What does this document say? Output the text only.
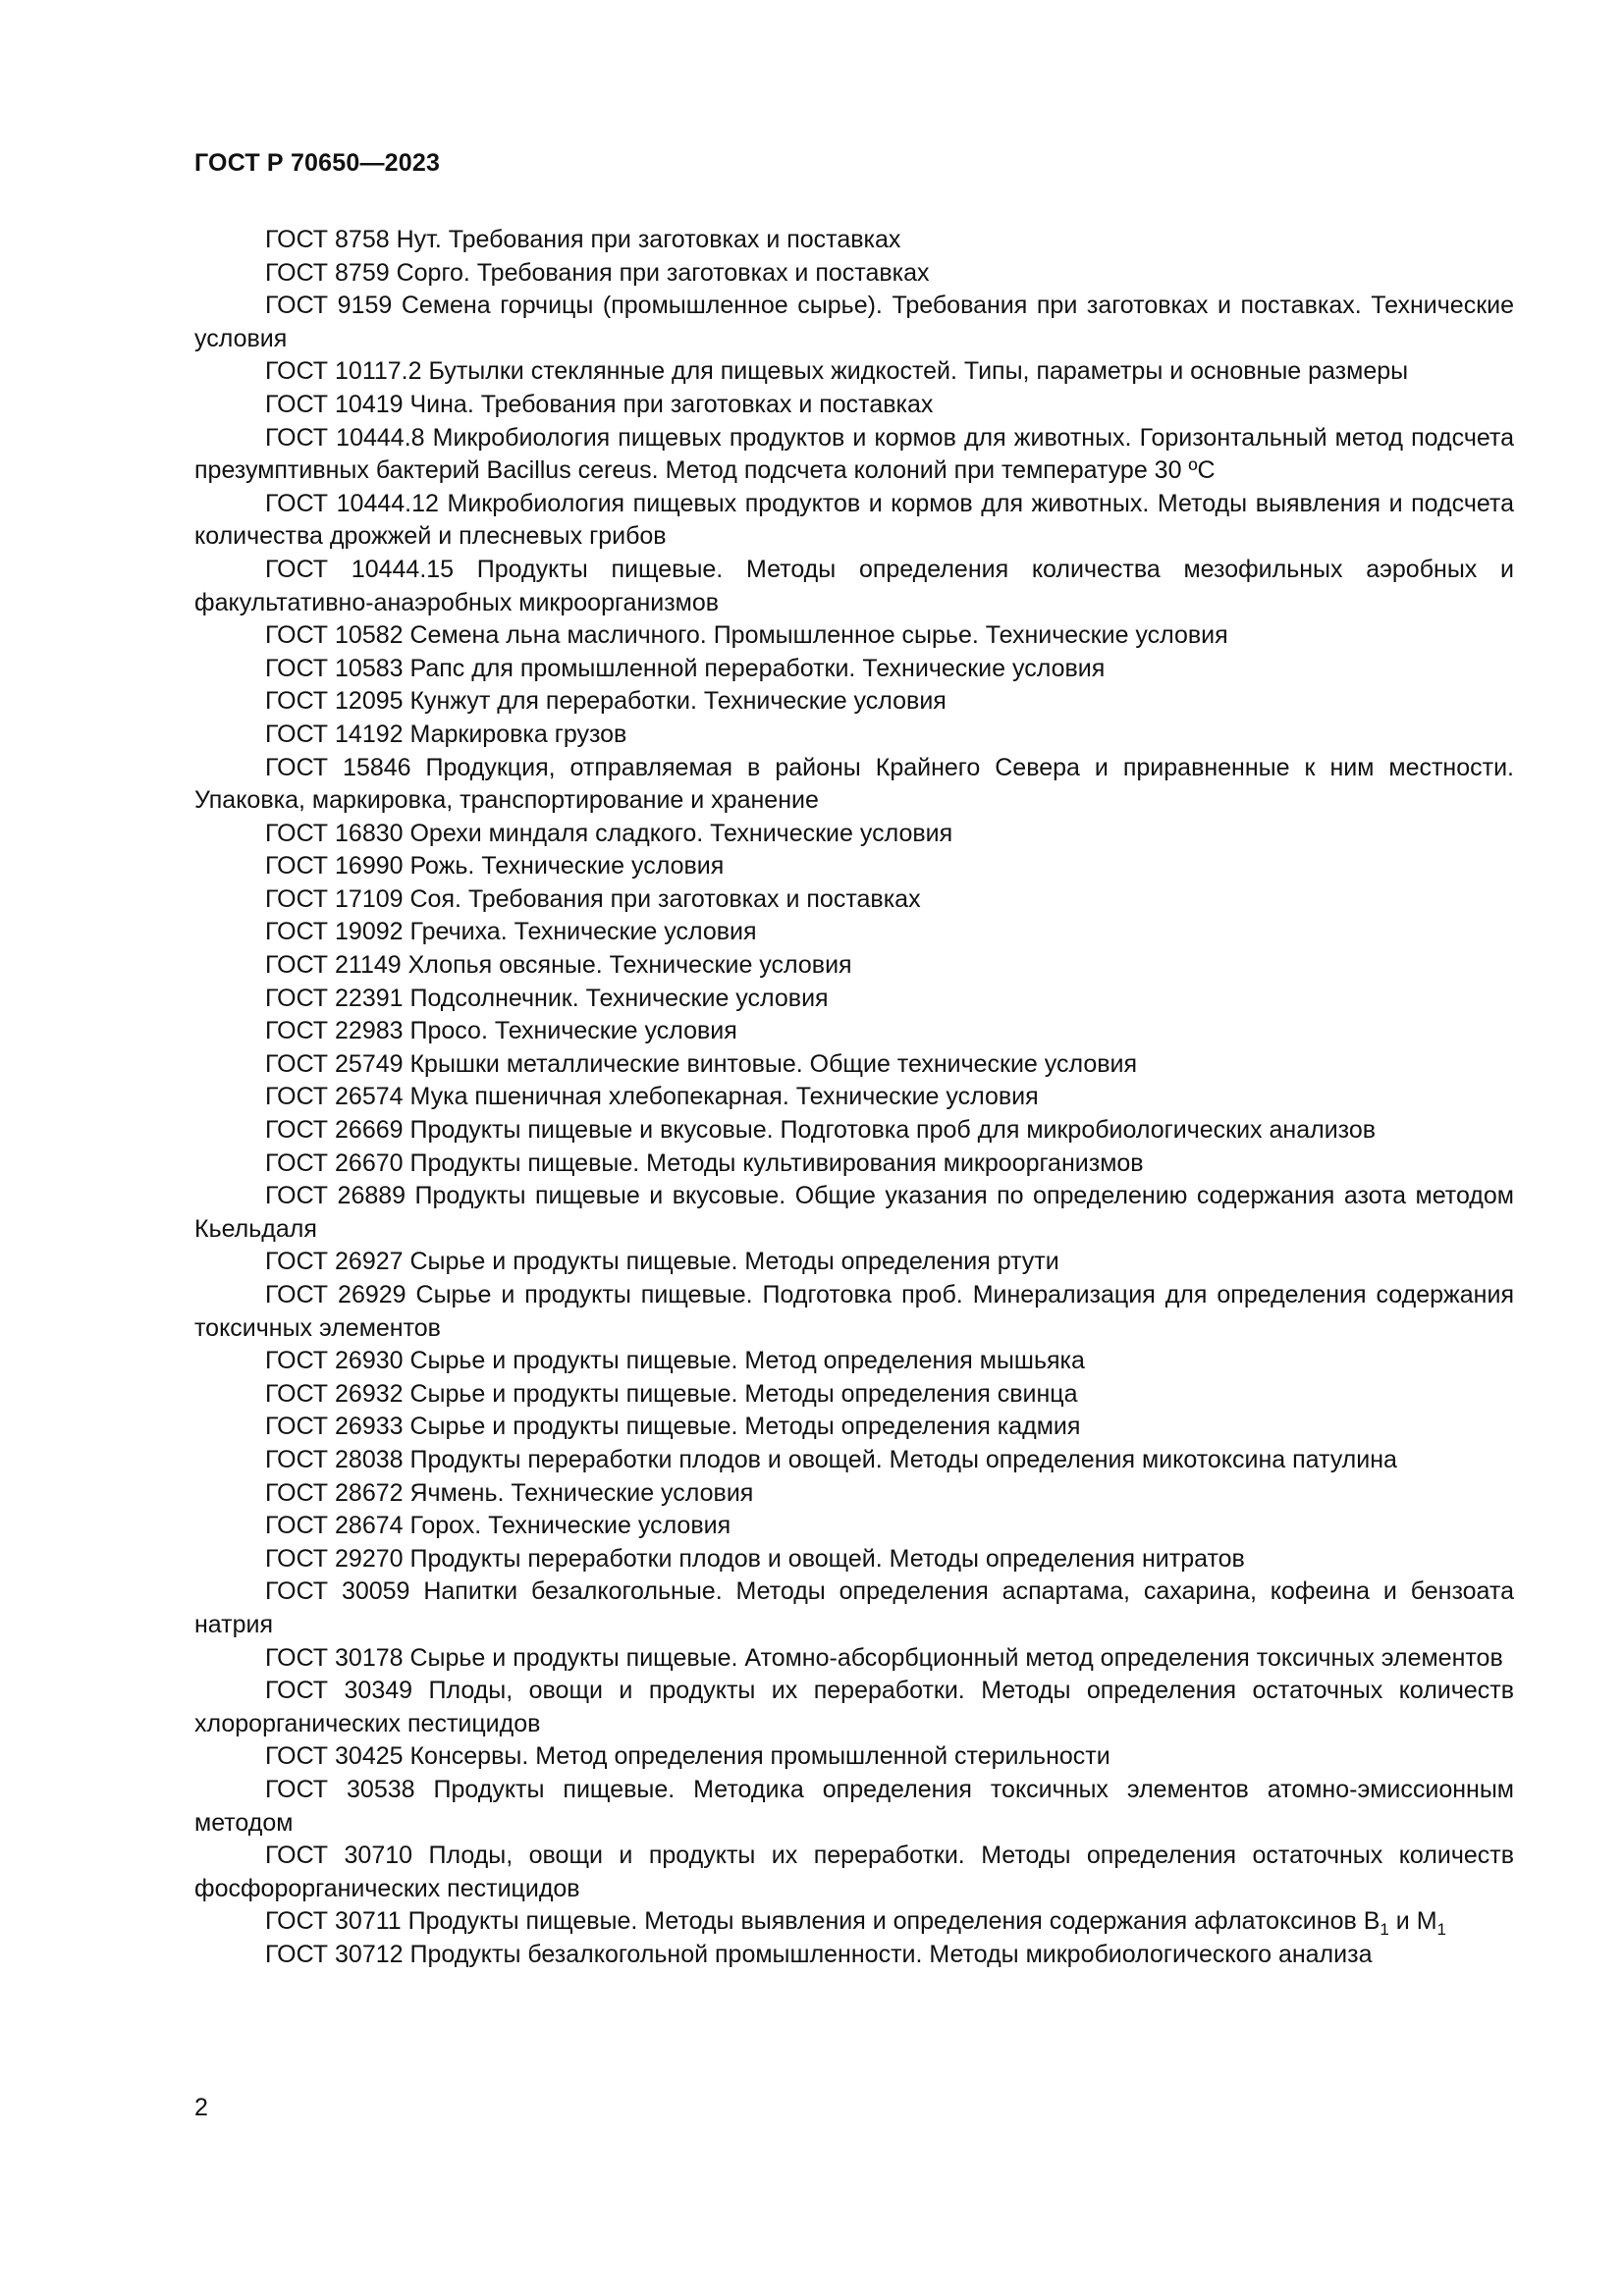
ГОСТ Р 70650—2023

ГОСТ 8758 Нут. Требования при заготовках и поставках

ГОСТ 8759 Сорго. Требования при заготовках и поставках

ГОСТ 9159 Семена горчицы (промышленное сырье). Требования при заготовках и поставках. Технические условия

ГОСТ 10117.2 Бутылки стеклянные для пищевых жидкостей. Типы, параметры и основные размеры

ГОСТ 10419 Чина. Требования при заготовках и поставках

ГОСТ 10444.8 Микробиология пищевых продуктов и кормов для животных. Горизонтальный метод подсчета презумптивных бактерий Bacillus cereus. Метод подсчета колоний при температуре 30 ºC

ГОСТ 10444.12 Микробиология пищевых продуктов и кормов для животных. Методы выявления и подсчета количества дрожжей и плесневых грибов

ГОСТ 10444.15 Продукты пищевые. Методы определения количества мезофильных аэробных и факультативно-анаэробных микроорганизмов

ГОСТ 10582 Семена льна масличного. Промышленное сырье. Технические условия

ГОСТ 10583 Рапс для промышленной переработки. Технические условия

ГОСТ 12095 Кунжут для переработки. Технические условия

ГОСТ 14192 Маркировка грузов

ГОСТ 15846 Продукция, отправляемая в районы Крайнего Севера и приравненные к ним местности. Упаковка, маркировка, транспортирование и хранение

ГОСТ 16830 Орехи миндаля сладкого. Технические условия

ГОСТ 16990 Рожь. Технические условия

ГОСТ 17109 Соя. Требования при заготовках и поставках

ГОСТ 19092 Гречиха. Технические условия

ГОСТ 21149 Хлопья овсяные. Технические условия

ГОСТ 22391 Подсолнечник. Технические условия

ГОСТ 22983 Просо. Технические условия

ГОСТ 25749 Крышки металлические винтовые. Общие технические условия

ГОСТ 26574 Мука пшеничная хлебопекарная. Технические условия

ГОСТ 26669 Продукты пищевые и вкусовые. Подготовка проб для микробиологических анализов

ГОСТ 26670 Продукты пищевые. Методы культивирования микроорганизмов

ГОСТ 26889 Продукты пищевые и вкусовые. Общие указания по определению содержания азота методом Кьельдаля

ГОСТ 26927 Сырье и продукты пищевые. Методы определения ртути

ГОСТ 26929 Сырье и продукты пищевые. Подготовка проб. Минерализация для определения содержания токсичных элементов

ГОСТ 26930 Сырье и продукты пищевые. Метод определения мышьяка

ГОСТ 26932 Сырье и продукты пищевые. Методы определения свинца

ГОСТ 26933 Сырье и продукты пищевые. Методы определения кадмия

ГОСТ 28038 Продукты переработки плодов и овощей. Методы определения микотоксина патулина

ГОСТ 28672 Ячмень. Технические условия

ГОСТ 28674 Горох. Технические условия

ГОСТ 29270 Продукты переработки плодов и овощей. Методы определения нитратов

ГОСТ 30059 Напитки безалкогольные. Методы определения аспартама, сахарина, кофеина и бензоата натрия

ГОСТ 30178 Сырье и продукты пищевые. Атомно-абсорбционный метод определения токсичных элементов

ГОСТ 30349 Плоды, овощи и продукты их переработки. Методы определения остаточных количеств хлорорганических пестицидов

ГОСТ 30425 Консервы. Метод определения промышленной стерильности

ГОСТ 30538 Продукты пищевые. Методика определения токсичных элементов атомно-эмиссионным методом

ГОСТ 30710 Плоды, овощи и продукты их переработки. Методы определения остаточных количеств фосфорорганических пестицидов

ГОСТ 30711 Продукты пищевые. Методы выявления и определения содержания афлатоксинов $B_1$ и $M_1$

ГОСТ 30712 Продукты безалкогольной промышленности. Методы микробиологического анализа

2
